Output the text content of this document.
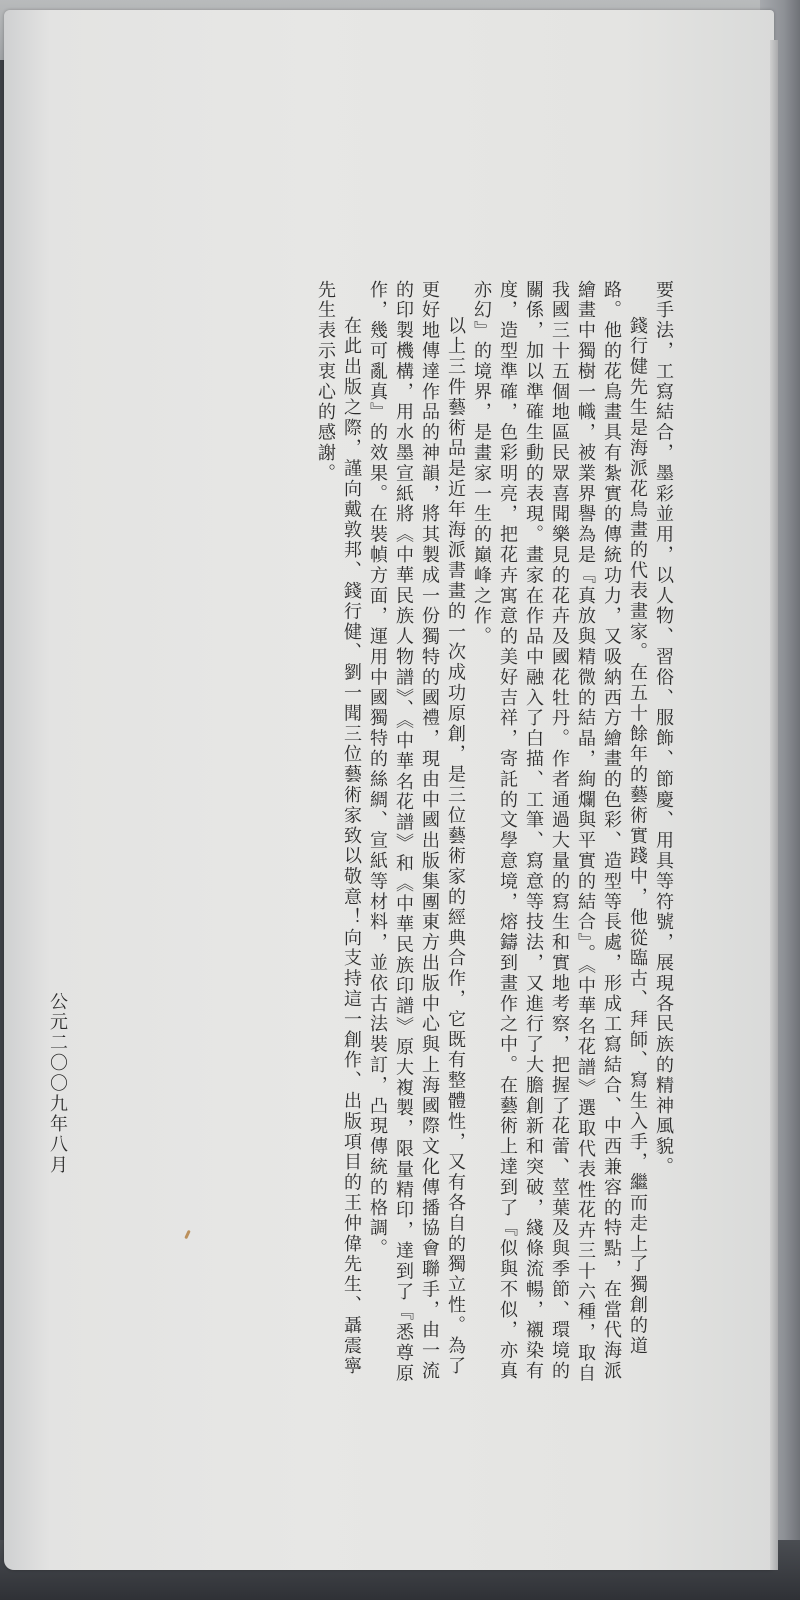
要手法，工寫結合，墨彩並用，以人物、習俗、服飾、節慶、用具等符號，展現各民族的精神風貌。

錢行健先生是海派花鳥畫的代表畫家。在五十餘年的藝術實踐中，他從臨古、拜師、寫生入手，繼而走上了獨創的道路。他的花鳥畫具有紮實的傳統功力，又吸納西方繪畫的色彩、造型等長處，形成工寫結合、中西兼容的特點，在當代海派繪畫中獨樹一幟，被業界譽為是『真放與精微的結晶，絢爛與平實的結合』。《中華名花譜》選取代表性花卉三十六種，取自我國三十五個地區民眾喜聞樂見的花卉及國花牡丹。作者通過大量的寫生和實地考察，把握了花蕾、莖葉及與季節、環境的關係，加以準確生動的表現。畫家在作品中融入了白描、工筆、寫意等技法，又進行了大膽創新和突破，綫條流暢，襯染有度，造型準確，色彩明亮，把花卉寓意的美好吉祥，寄託的文學意境，熔鑄到畫作之中。在藝術上達到了『似與不似，亦真亦幻』的境界，是畫家一生的巔峰之作。

以上三件藝術品是近年海派書畫的一次成功原創，是三位藝術家的經典合作，它既有整體性，又有各自的獨立性。為了更好地傳達作品的神韻，將其製成一份獨特的國禮，現由中國出版集團東方出版中心與上海國際文化傳播協會聯手，由一流的印製機構，用水墨宣紙將《中華民族人物譜》、《中華名花譜》和《中華民族印譜》原大複製，限量精印，達到了『悉尊原作，幾可亂真』的效果。在裝幀方面，運用中國獨特的絲綢、宣紙等材料，並依古法裝訂，凸現傳統的格調。

在此出版之際，謹向戴敦邦、錢行健、劉一聞三位藝術家致以敬意！向支持這一創作、出版項目的王仲偉先生、聶震寧先生表示衷心的感謝。

公元二〇〇九年八月
